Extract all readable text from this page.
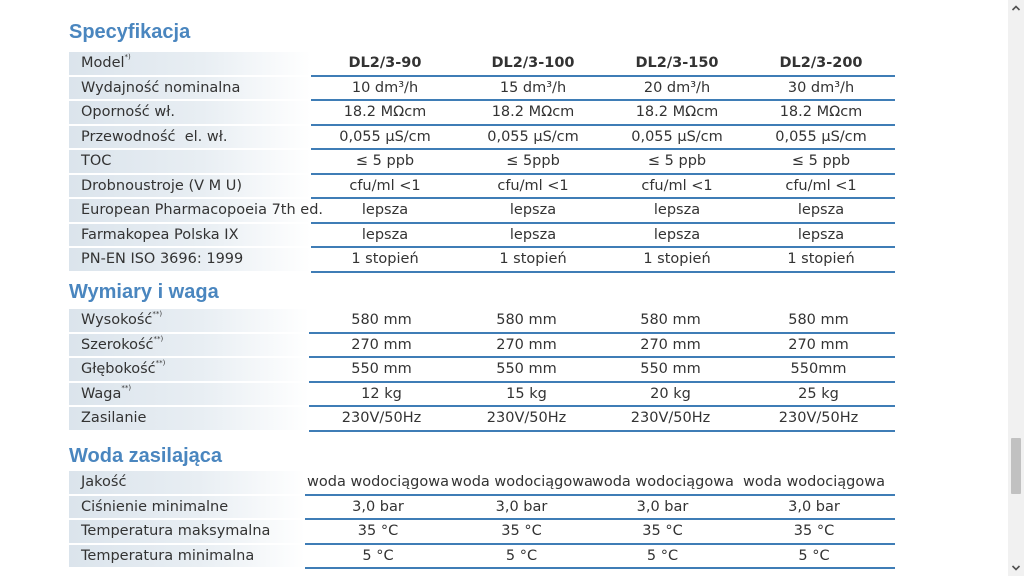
Specyfikacja
Model*)	DL2/3-90	DL2/3-100	DL2/3-150	DL2/3-200
Wydajność nominalna	10 dm³/h	15 dm³/h	20 dm³/h	30 dm³/h
Oporność wł.	18.2 MΩcm	18.2 MΩcm	18.2 MΩcm	18.2 MΩcm
Przewodność  el. wł.	0,055 µS/cm	0,055 µS/cm	0,055 µS/cm	0,055 µS/cm
TOC	≤ 5 ppb	≤ 5ppb	≤ 5 ppb	≤ 5 ppb
Drobnoustroje (V M U)	cfu/ml <1	cfu/ml <1	cfu/ml <1	cfu/ml <1
European Pharmacopoeia 7th ed.	lepsza	lepsza	lepsza	lepsza
Farmakopea Polska IX	lepsza	lepsza	lepsza	lepsza
PN-EN ISO 3696: 1999	1 stopień	1 stopień	1 stopień	1 stopień
Wymiary i waga
Wysokość**)	580 mm	580 mm	580 mm	580 mm
Szerokość**)	270 mm	270 mm	270 mm	270 mm
Głębokość**)	550 mm	550 mm	550 mm	550mm
Waga**)	12 kg	15 kg	20 kg	25 kg
Zasilanie	230V/50Hz	230V/50Hz	230V/50Hz	230V/50Hz
Woda zasilająca
Jakość	woda wodociągowa	woda wodociągowa	woda wodociągowa	woda wodociągowa
Ciśnienie minimalne	3,0 bar	3,0 bar	3,0 bar	3,0 bar
Temperatura maksymalna	35 °C	35 °C	35 °C	35 °C
Temperatura minimalna	5 °C	5 °C	5 °C	5 °C
